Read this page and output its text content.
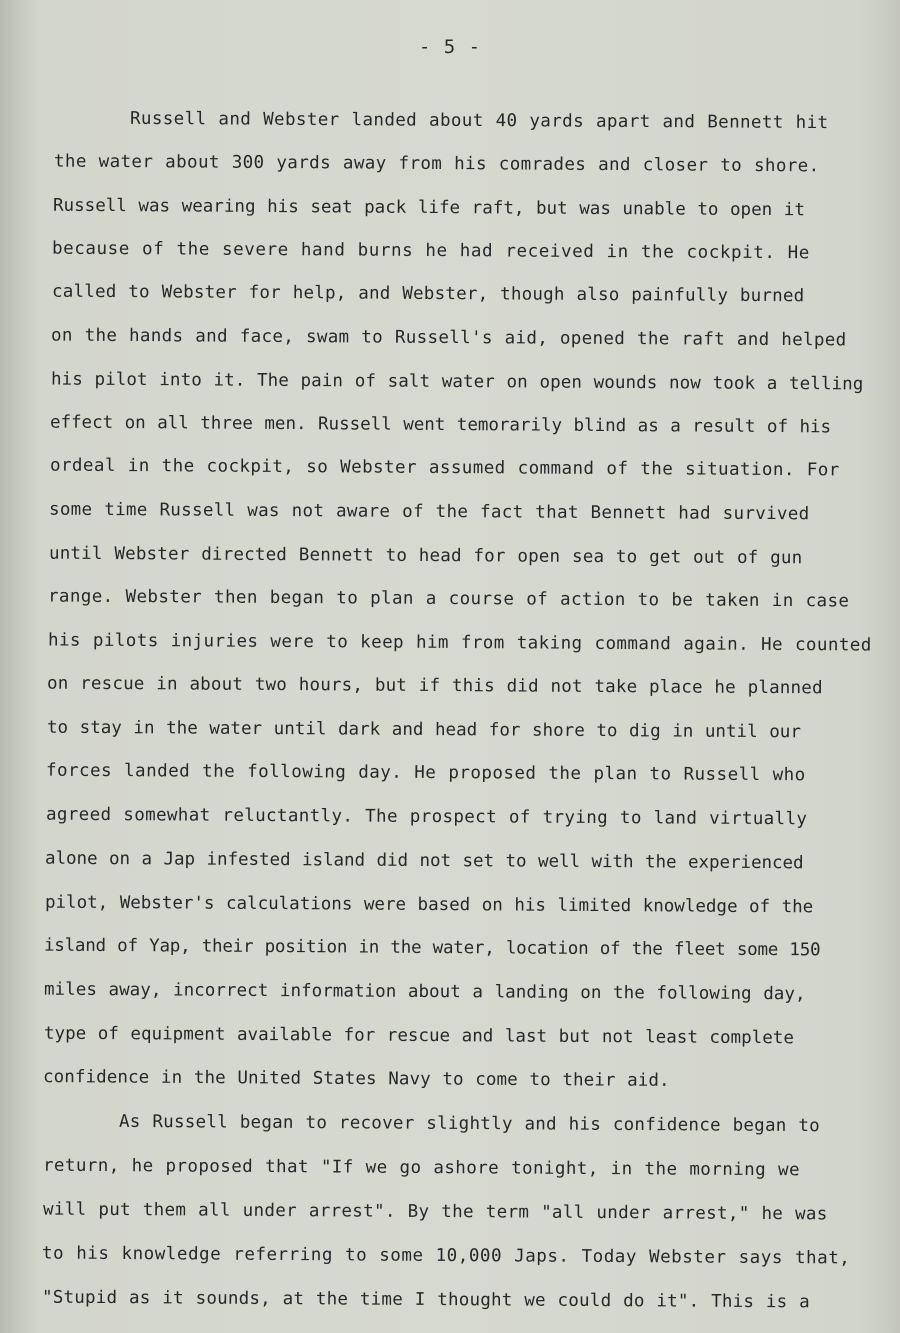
- 5 -
Russell and Webster landed about 40 yards apart and Bennett hit
the water about 300 yards away from his comrades and closer to shore.
Russell was wearing his seat pack life raft, but was unable to open it
because of the severe hand burns he had received in the cockpit. He
called to Webster for help, and Webster, though also painfully burned
on the hands and face, swam to Russell's aid, opened the raft and helped
his pilot into it. The pain of salt water on open wounds now took a telling
effect on all three men. Russell went temorarily blind as a result of his
ordeal in the cockpit, so Webster assumed command of the situation. For
some time Russell was not aware of the fact that Bennett had survived
until Webster directed Bennett to head for open sea to get out of gun
range. Webster then began to plan a course of action to be taken in case
his pilots injuries were to keep him from taking command again. He counted
on rescue in about two hours, but if this did not take place he planned
to stay in the water until dark and head for shore to dig in until our
forces landed the following day. He proposed the plan to Russell who
agreed somewhat reluctantly. The prospect of trying to land virtually
alone on a Jap infested island did not set to well with the experienced
pilot, Webster's calculations were based on his limited knowledge of the
island of Yap, their position in the water, location of the fleet some 150
miles away, incorrect information about a landing on the following day,
type of equipment available for rescue and last but not least complete
confidence in the United States Navy to come to their aid.
As Russell began to recover slightly and his confidence began to
return, he proposed that "If we go ashore tonight, in the morning we
will put them all under arrest". By the term "all under arrest," he was
to his knowledge referring to some 10,000 Japs. Today Webster says that,
"Stupid as it sounds, at the time I thought we could do it". This is a
